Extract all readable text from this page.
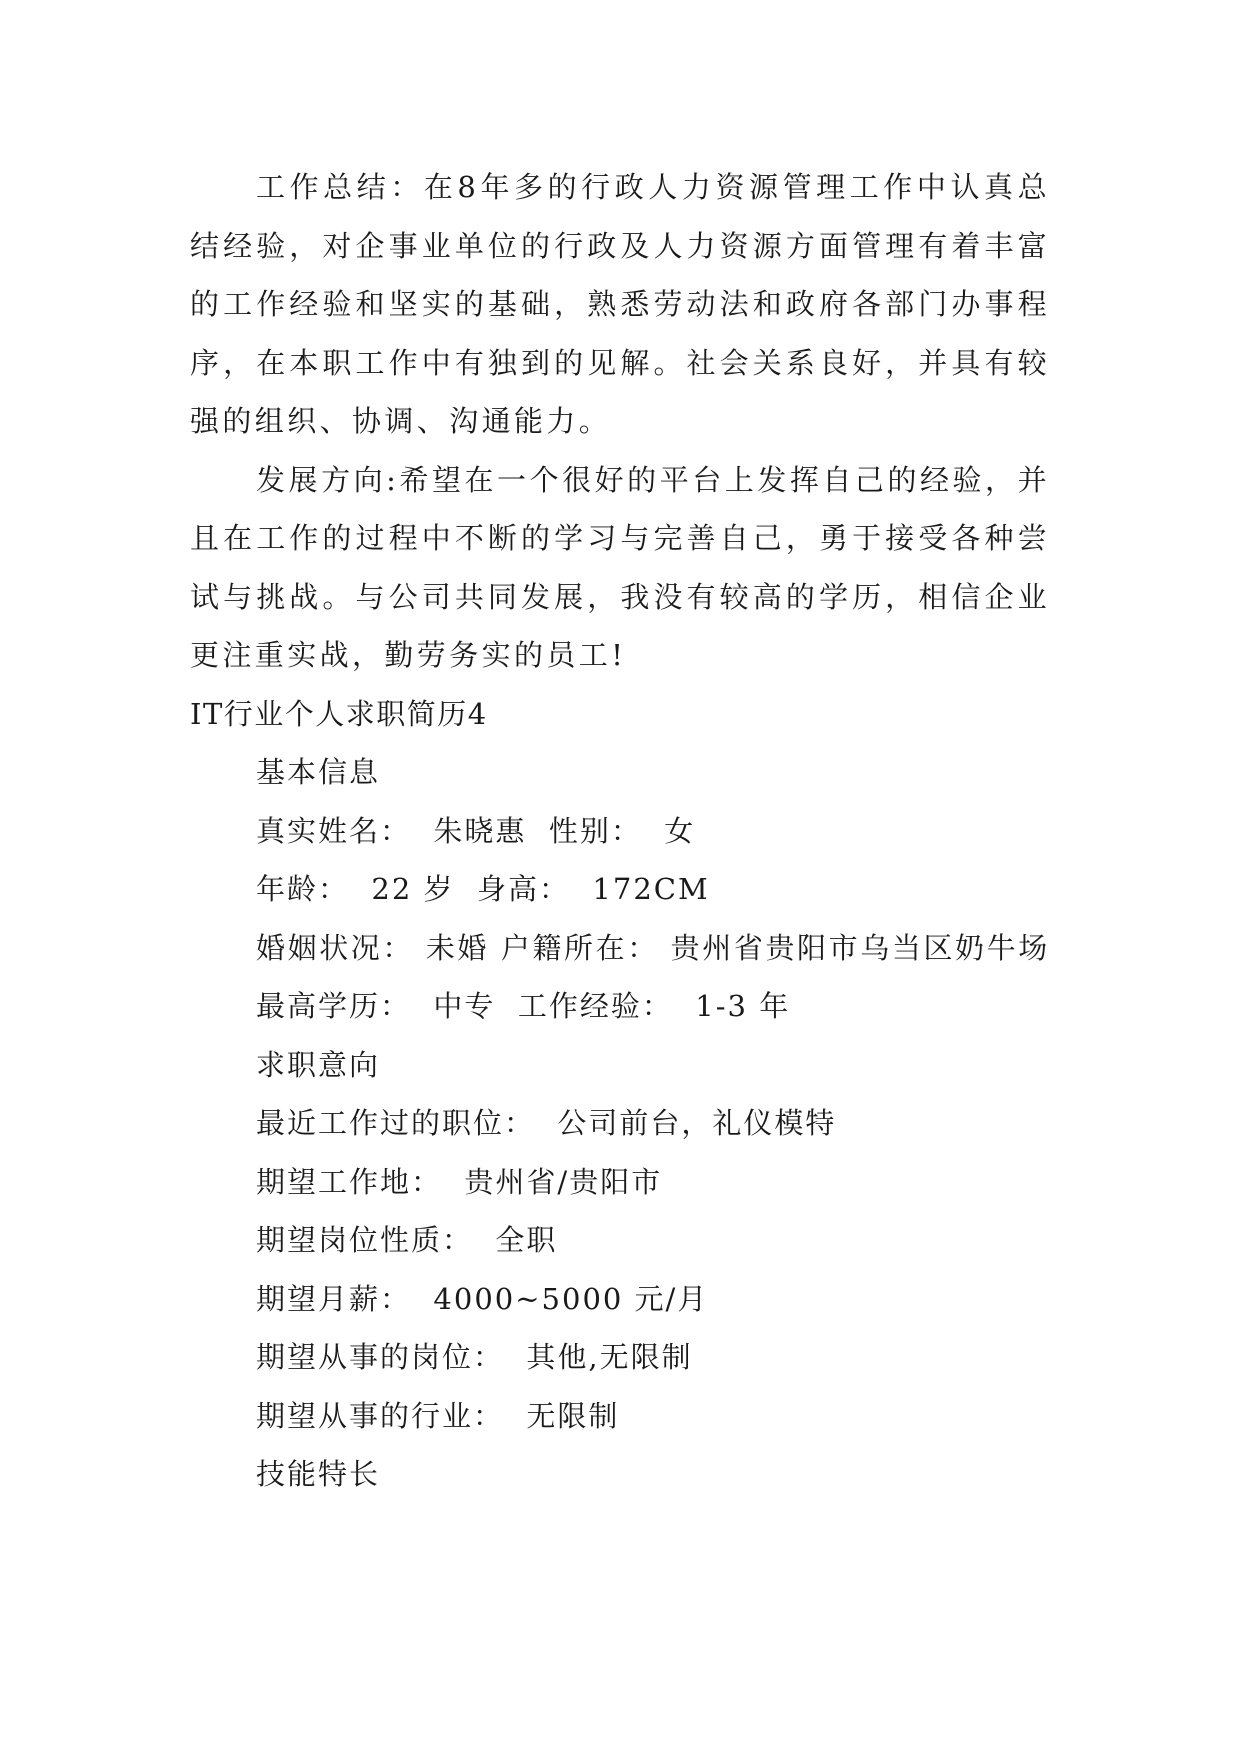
工作总结：在8年多的行政人力资源管理工作中认真总结经验，对企事业单位的行政及人力资源方面管理有着丰富的工作经验和坚实的基础，熟悉劳动法和政府各部门办事程序，在本职工作中有独到的见解。社会关系良好，并具有较强的组织、协调、沟通能力。

发展方向:希望在一个很好的平台上发挥自己的经验，并且在工作的过程中不断的学习与完善自己，勇于接受各种尝试与挑战。与公司共同发展，我没有较高的学历，相信企业更注重实战，勤劳务实的员工!

IT行业个人求职简历4

基本信息

真实姓名：  朱晓惠  性别：  女

年龄：  22 岁  身高：  172CM

婚姻状况： 未婚 户籍所在： 贵州省贵阳市乌当区奶牛场

最高学历：  中专  工作经验：  1-3 年

求职意向

最近工作过的职位：  公司前台，礼仪模特

期望工作地：  贵州省/贵阳市

期望岗位性质：  全职

期望月薪：  4000~5000 元/月

期望从事的岗位：  其他,无限制

期望从事的行业：  无限制

技能特长
